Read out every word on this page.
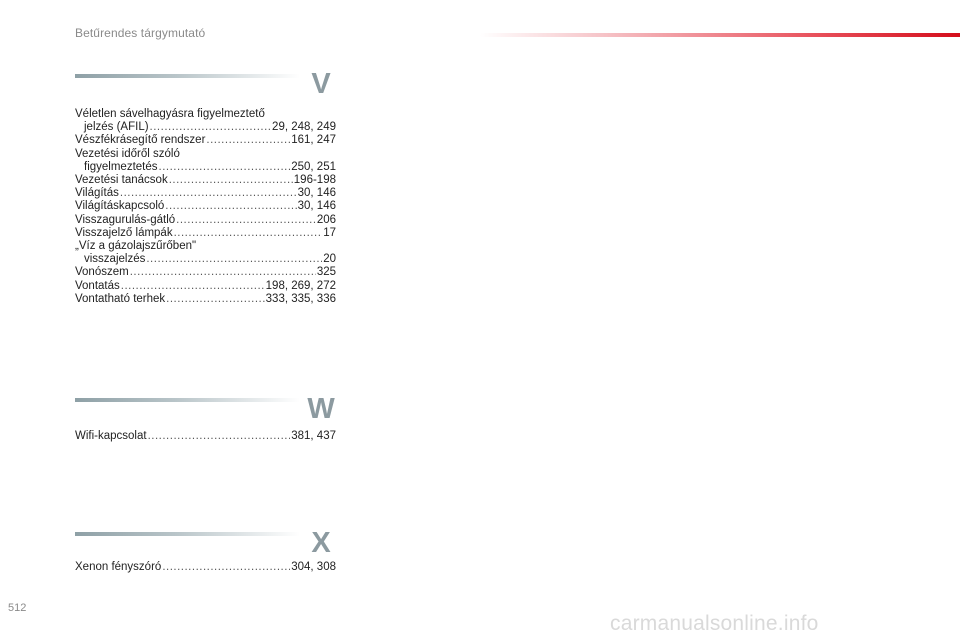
Betűrendes tárgymutató
V
Véletlen sávelhagyásra figyelmeztető
jelzés (AFIL) .....	29, 248, 249
Vészfékrásegítő rendszer .....	161, 247
Vezetési időről szóló
figyelmeztetés .....	250, 251
Vezetési tanácsok .....	196-198
Világítás .....	30, 146
Világításkapcsoló .....	30, 146
Visszagurulás-gátló .....	206
Visszajelző lámpák .....	17
„Víz a gázolajszűrőben"
visszajelzés .....	20
Vonószem .....	325
Vontatás .....	198, 269, 272
Vontatható terhek .....	333, 335, 336
W
Wifi-kapcsolat .....	381, 437
X
Xenon fényszóró .....	304, 308
512
carmanualsonline.info
